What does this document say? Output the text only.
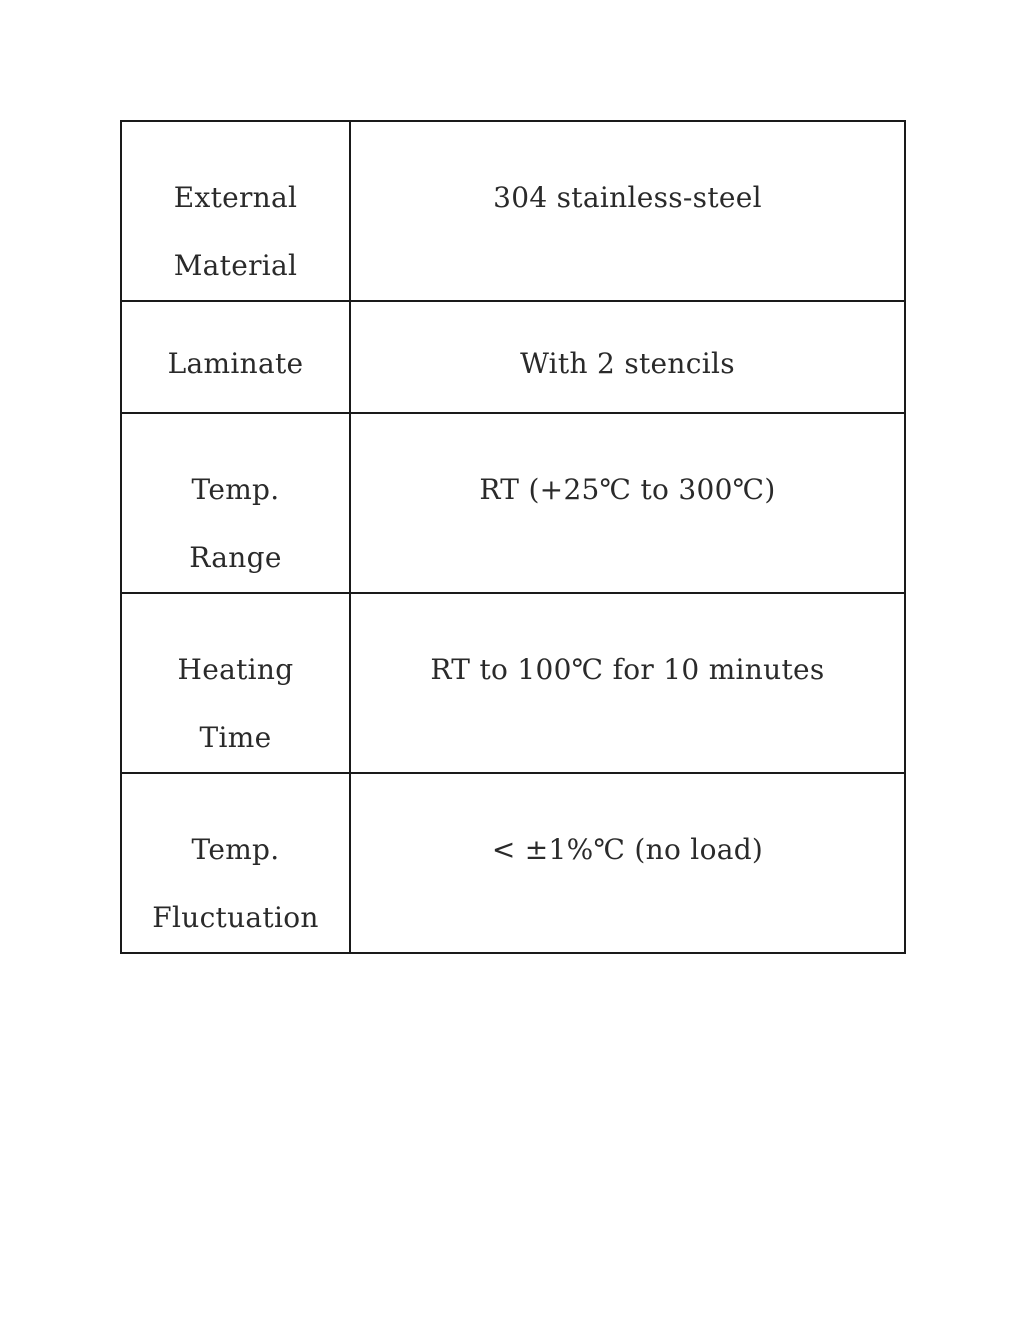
External
Material	304 stainless-steel

Laminate	With 2 stencils

Temp.
Range	RT (+25℃ to 300℃)

Heating
Time	RT to 100℃ for 10 minutes

Temp.
Fluctuation	< ±1%℃ (no load)
